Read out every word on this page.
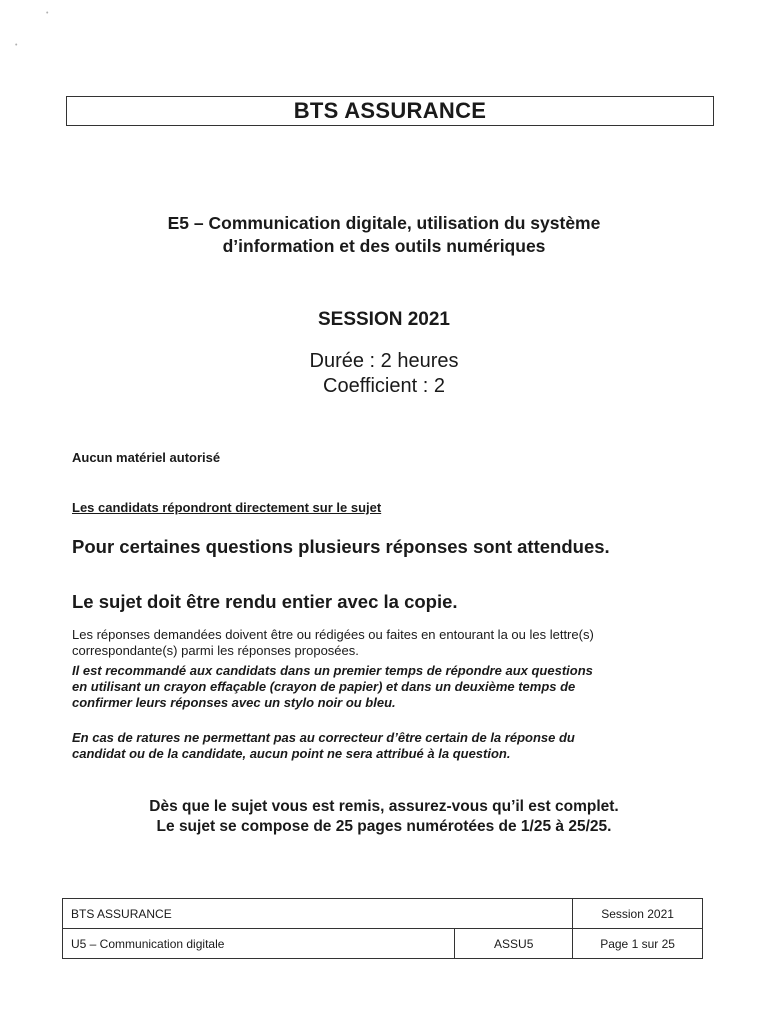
•
•
BTS ASSURANCE
E5 – Communication digitale, utilisation du système
d’information et des outils numériques
SESSION 2021
Durée : 2 heures
Coefficient : 2
Aucun matériel autorisé
Les candidats répondront directement sur le sujet
Pour certaines questions plusieurs réponses sont attendues.
Le sujet doit être rendu entier avec la copie.
Les réponses demandées doivent être ou rédigées ou faites en entourant la ou les lettre(s)
correspondante(s) parmi les réponses proposées.
Il est recommandé aux candidats dans un premier temps de répondre aux questions
en utilisant un crayon effaçable (crayon de papier) et dans un deuxième temps de
confirmer leurs réponses avec un stylo noir ou bleu.
En cas de ratures ne permettant pas au correcteur d’être certain de la réponse du
candidat ou de la candidate, aucun point ne sera attribué à la question.
Dès que le sujet vous est remis, assurez-vous qu’il est complet.
Le sujet se compose de 25 pages numérotées de 1/25 à 25/25.
BTS ASSURANCE		Session 2021
U5 – Communication digitale	ASSU5	Page 1 sur 25
